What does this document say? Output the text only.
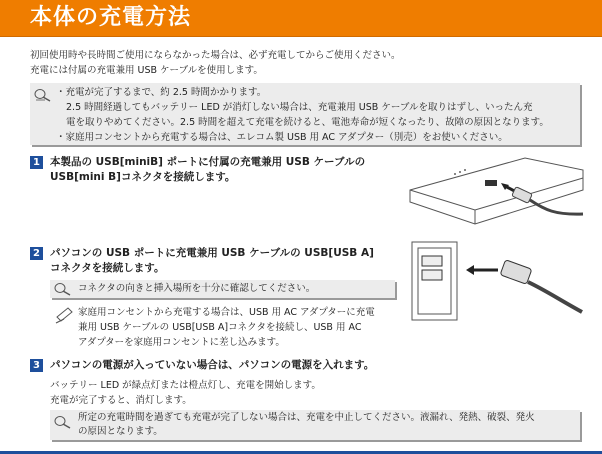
本体の充電方法
初回使用時や長時間ご使用にならなかった場合は、必ず充電してからご使用ください。
充電には付属の充電兼用 USB ケーブルを使用します。
・充電が完了するまで、約 2.5 時間かかります。
2.5 時間経過してもバッテリー LED が消灯しない場合は、充電兼用 USB ケーブルを取りはずし、いったん充
電を取りやめてください。2.5 時間を超えて充電を続けると、電池寿命が短くなったり、故障の原因となります。
・家庭用コンセントから充電する場合は、エレコム製 USB 用 AC アダプター（別売）をお使いください。
1 本製品の USB[miniB] ポートに付属の充電兼用 USB ケーブルの
USB[mini B]コネクタを接続します。
2 パソコンの USB ポートに充電兼用 USB ケーブルの USB[USB A]
コネクタを接続します。
コネクタの向きと挿入場所を十分に確認してください。
家庭用コンセントから充電する場合は、USB 用 AC アダプターに充電
兼用 USB ケーブルの USB[USB A]コネクタを接続し、USB 用 AC
アダプターを家庭用コンセントに差し込みます。
3 パソコンの電源が入っていない場合は、パソコンの電源を入れます。
バッテリー LED が緑点灯または橙点灯し、充電を開始します。
充電が完了すると、消灯します。
所定の充電時間を過ぎても充電が完了しない場合は、充電を中止してください。液漏れ、発熱、破裂、発火
の原因となります。
